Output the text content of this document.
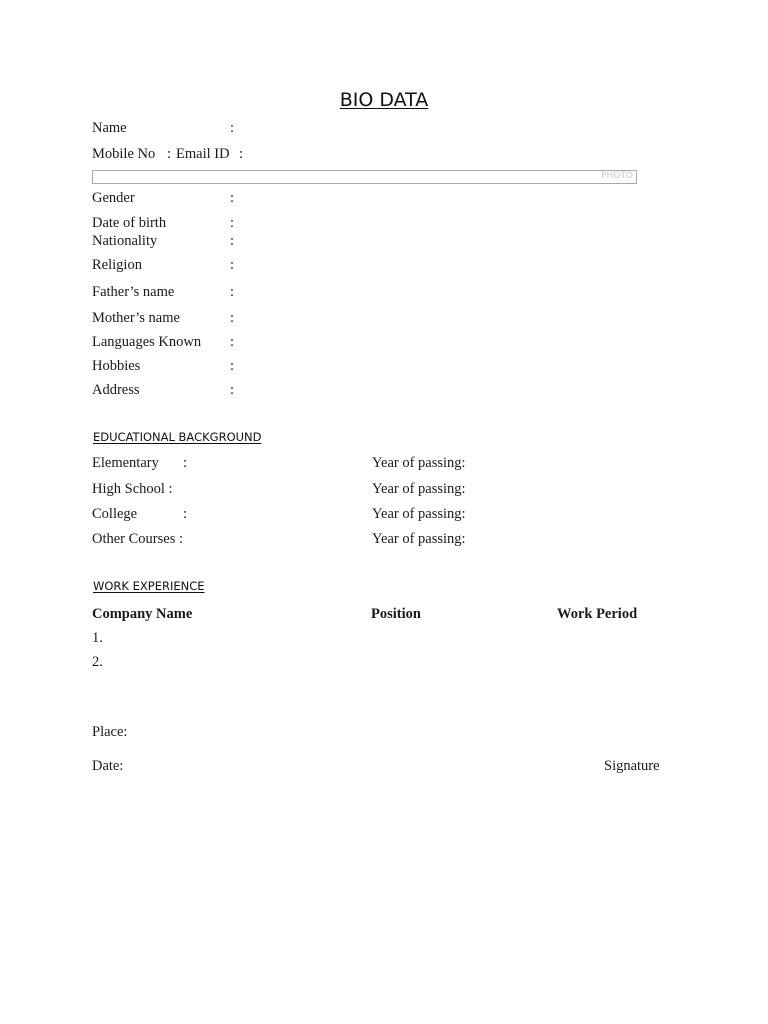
BIO DATA
Name	:
Mobile No : Email ID :
PHOTO
Gender	:
Date of birth	:
Nationality	:
Religion	:
Father’s name	:
Mother’s name	:
Languages Known :
Hobbies	:
Address	:
EDUCATIONAL BACKGROUND
Elementary :	Year of passing:
High School :	Year of passing:
College	:	Year of passing:
Other Courses :	Year of passing:
WORK EXPERIENCE
Company Name	Position	Work Period
1.
2.
Place:
Date:	Signature
